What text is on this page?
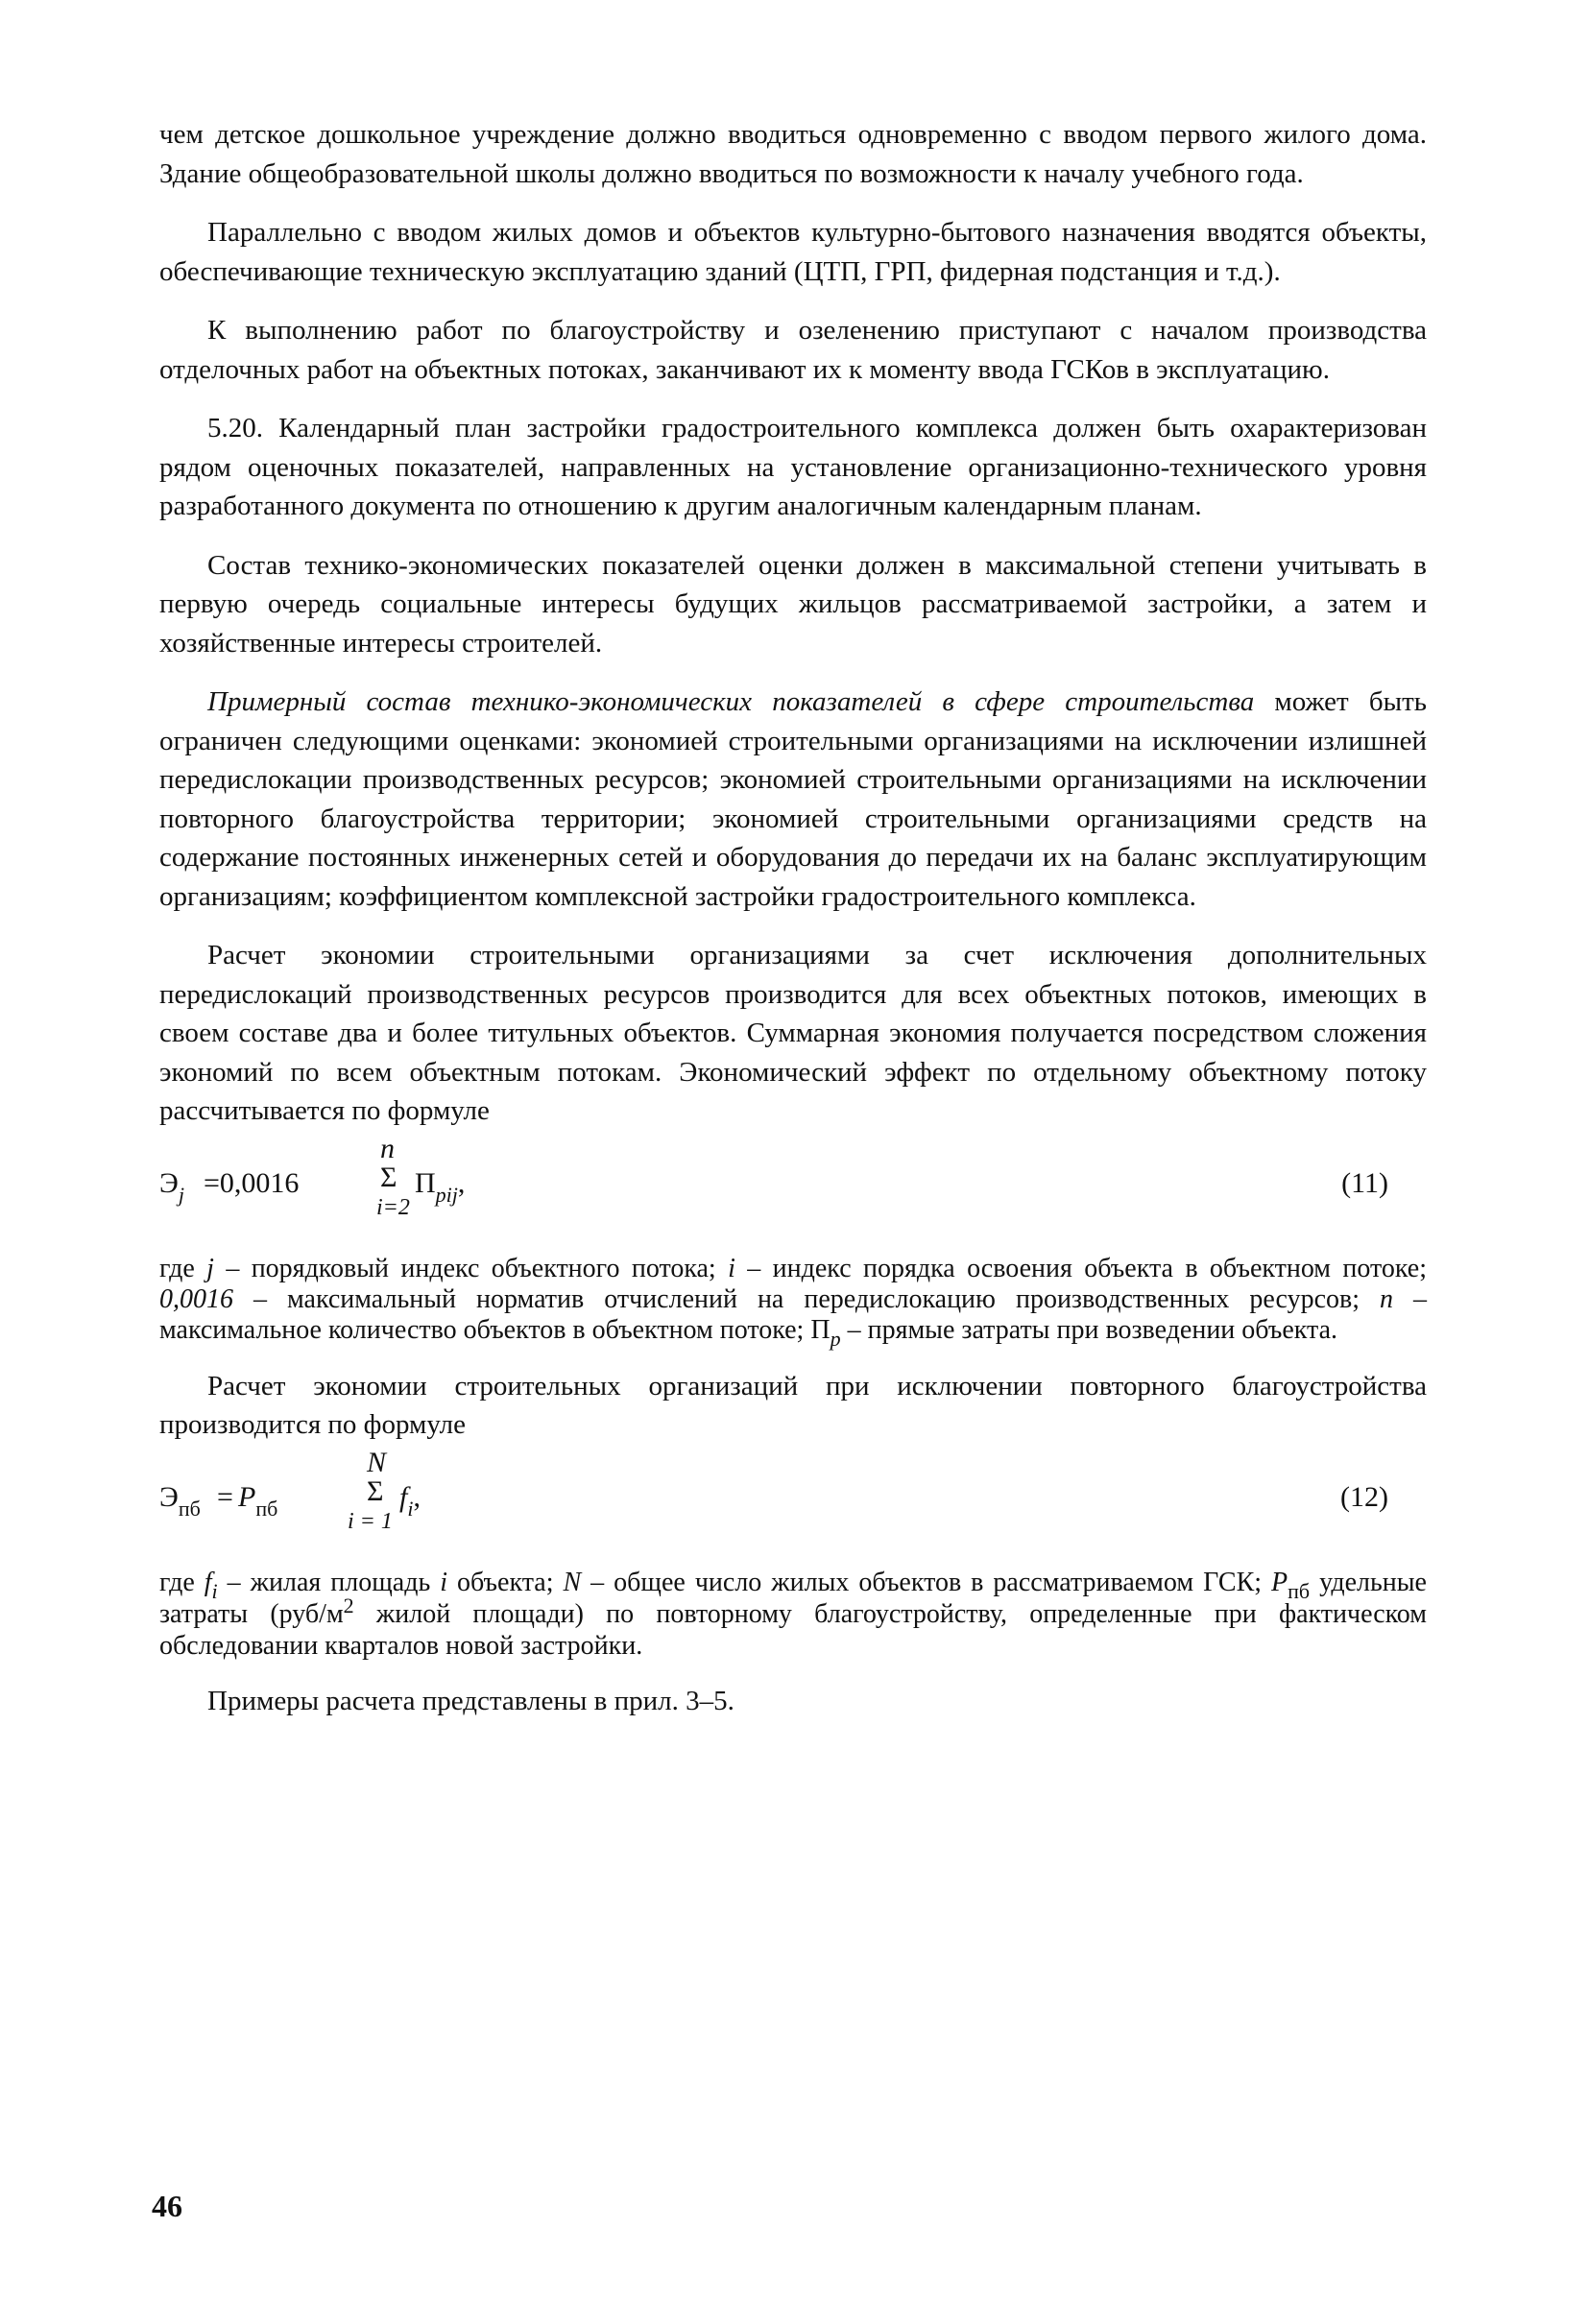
чем детское дошкольное учреждение должно вводиться одновременно с вводом первого жилого дома. Здание общеобразовательной школы должно вводиться по возможности к началу учебного года.

Параллельно с вводом жилых домов и объектов культурно-бытового назначения вводятся объекты, обеспечивающие техническую эксплуатацию зданий (ЦТП, ГРП, фидерная подстанция и т.д.).

К выполнению работ по благоустройству и озеленению приступают с началом производства отделочных работ на объектных потоках, заканчивают их к моменту ввода ГСКов в эксплуатацию.

5.20. Календарный план застройки градостроительного комплекса должен быть охарактеризован рядом оценочных показателей, направленных на установление организационно-технического уровня разработанного документа по отношению к другим аналогичным календарным планам.

Состав технико-экономических показателей оценки должен в максимальной степени учитывать в первую очередь социальные интересы будущих жильцов рассматриваемой застройки, а затем и хозяйственные интересы строителей.

Примерный состав технико-экономических показателей в сфере строительства может быть ограничен следующими оценками: экономией строительными организациями на исключении излишней передислокации производственных ресурсов; экономией строительными организациями на исключении повторного благоустройства территории; экономией строительными организациями средств на содержание постоянных инженерных сетей и оборудования до передачи их на баланс эксплуатирующим организациям; коэффициентом комплексной застройки градостроительного комплекса.

Расчет экономии строительными организациями за счет исключения дополнительных передислокаций производственных ресурсов производится для всех объектных потоков, имеющих в своем составе два и более титульных объектов. Суммарная экономия получается посредством сложения экономий по всем объектным потокам. Экономический эффект по отдельному объектному потоку рассчитывается по формуле

n
$Э_j =0,0016$	Σ
i=2
$П_{pij}$,	(11)

где j – порядковый индекс объектного потока; i – индекс порядка освоения объекта в объектном потоке; 0,0016 – максимальный норматив отчислений на передислокацию производственных ресурсов; n – максимальное количество объектов в объектном потоке; $П_р$ – прямые затраты при возведении объекта.

Расчет экономии строительных организаций при исключении повторного благоустройства производится по формуле

N
$Э_{пб} = P_{пб}$
Σ
i = 1
$f_i$,	(12)

где $f_i$ – жилая площадь i объекта; N – общее число жилых объектов в рассматриваемом ГСК; $P_{пб}$ удельные затраты ($руб/м^2$ жилой площади) по повторному благоустройству, определенные при фактическом обследовании кварталов новой застройки.

Примеры расчета представлены в прил. 3–5.

46
